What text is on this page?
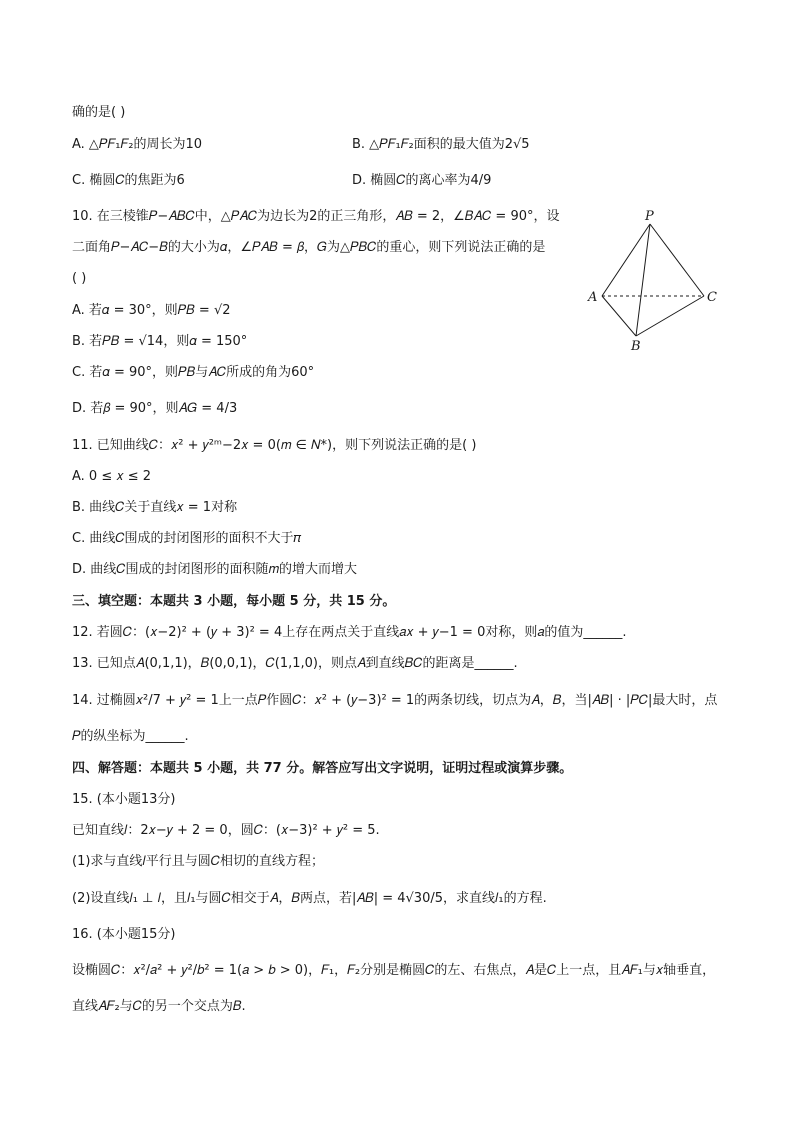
确的是( )
A. △𝑃𝐹₁𝐹₂的周长为10	B. △𝑃𝐹₁𝐹₂面积的最大值为2√5
C. 椭圆𝐶的焦距为6	D. 椭圆𝐶的离心率为4/9
10. 在三棱锥𝑃−𝐴𝐵𝐶中，△𝑃𝐴𝐶为边长为2的正三角形，𝐴𝐵 = 2，∠𝐵𝐴𝐶 = 90°，设
二面角𝑃−𝐴𝐶−𝐵的大小为𝛼，∠𝑃𝐴𝐵 = 𝛽，𝐺为△𝑃𝐵𝐶的重心，则下列说法正确的是
( )
A. 若𝛼 = 30°，则𝑃𝐵 = √2
B. 若𝑃𝐵 = √14，则𝛼 = 150°
C. 若𝛼 = 90°，则𝑃𝐵与𝐴𝐶所成的角为60°
D. 若𝛽 = 90°，则𝐴𝐺 = 4/3
11. 已知曲线𝐶：𝑥² + 𝑦²ᵐ−2𝑥 = 0(𝑚 ∈ 𝑁*)，则下列说法正确的是( )
A. 0 ≤ 𝑥 ≤ 2
B. 曲线𝐶关于直线𝑥 = 1对称
C. 曲线𝐶围成的封闭图形的面积不大于𝜋
D. 曲线𝐶围成的封闭图形的面积随𝑚的增大而增大
三、填空题：本题共 3 小题，每小题 5 分，共 15 分。
12. 若圆𝐶：(𝑥−2)² + (𝑦 + 3)² = 4上存在两点关于直线𝑎𝑥 + 𝑦−1 = 0对称，则𝑎的值为______.
13. 已知点𝐴(0,1,1)，𝐵(0,0,1)，𝐶(1,1,0)，则点𝐴到直线𝐵𝐶的距离是______.
14. 过椭圆𝑥²/7 + 𝑦² = 1上一点𝑃作圆𝐶：𝑥² + (𝑦−3)² = 1的两条切线，切点为𝐴，𝐵，当|𝐴𝐵| · |𝑃𝐶|最大时，点
𝑃的纵坐标为______.
四、解答题：本题共 5 小题，共 77 分。解答应写出文字说明，证明过程或演算步骤。
15. (本小题13分)
已知直线𝑙：2𝑥−𝑦 + 2 = 0，圆𝐶：(𝑥−3)² + 𝑦² = 5.
(1)求与直线𝑙平行且与圆𝐶相切的直线方程；
(2)设直线𝑙₁ ⊥ 𝑙，且𝑙₁与圆𝐶相交于𝐴，𝐵两点，若|𝐴𝐵| = 4√30/5，求直线𝑙₁的方程.
16. (本小题15分)
设椭圆𝐶：𝑥²/𝑎² + 𝑦²/𝑏² = 1(𝑎 > 𝑏 > 0)，𝐹₁，𝐹₂分别是椭圆𝐶的左、右焦点，𝐴是𝐶上一点，且𝐴𝐹₁与𝑥轴垂直，
直线𝐴𝐹₂与𝐶的另一个交点为𝐵.
P
A
B
C
